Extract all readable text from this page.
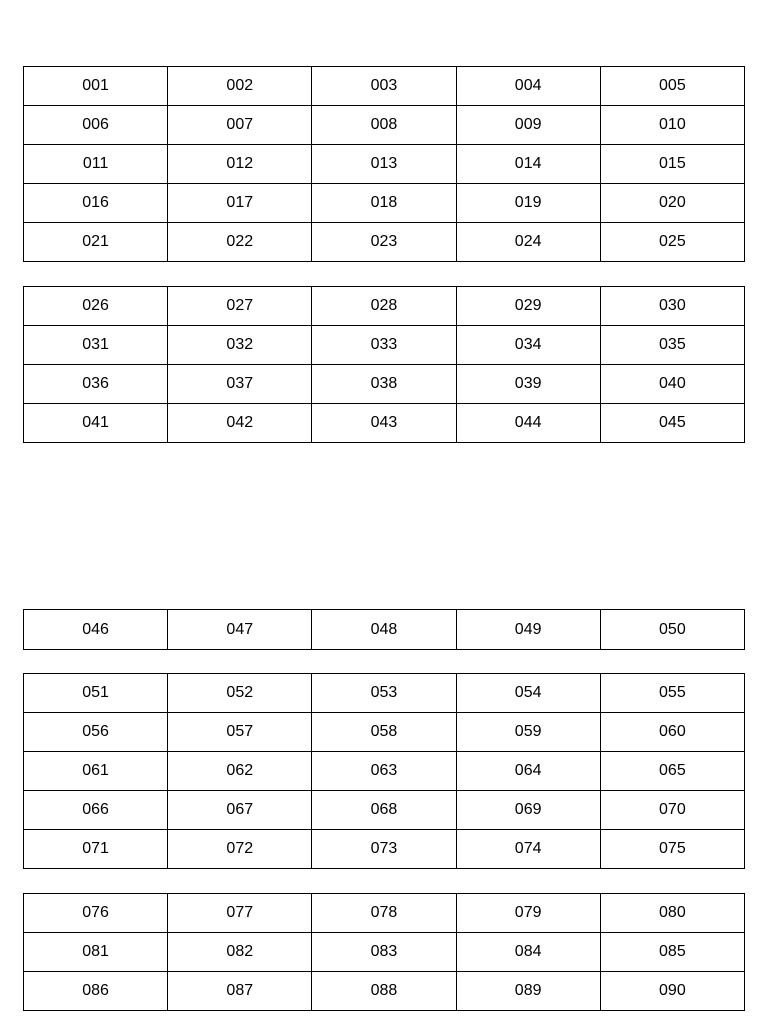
001	002	003	004	005
006	007	008	009	010
011	012	013	014	015
016	017	018	019	020
021	022	023	024	025
026	027	028	029	030
031	032	033	034	035
036	037	038	039	040
041	042	043	044	045
046	047	048	049	050
051	052	053	054	055
056	057	058	059	060
061	062	063	064	065
066	067	068	069	070
071	072	073	074	075
076	077	078	079	080
081	082	083	084	085
086	087	088	089	090
